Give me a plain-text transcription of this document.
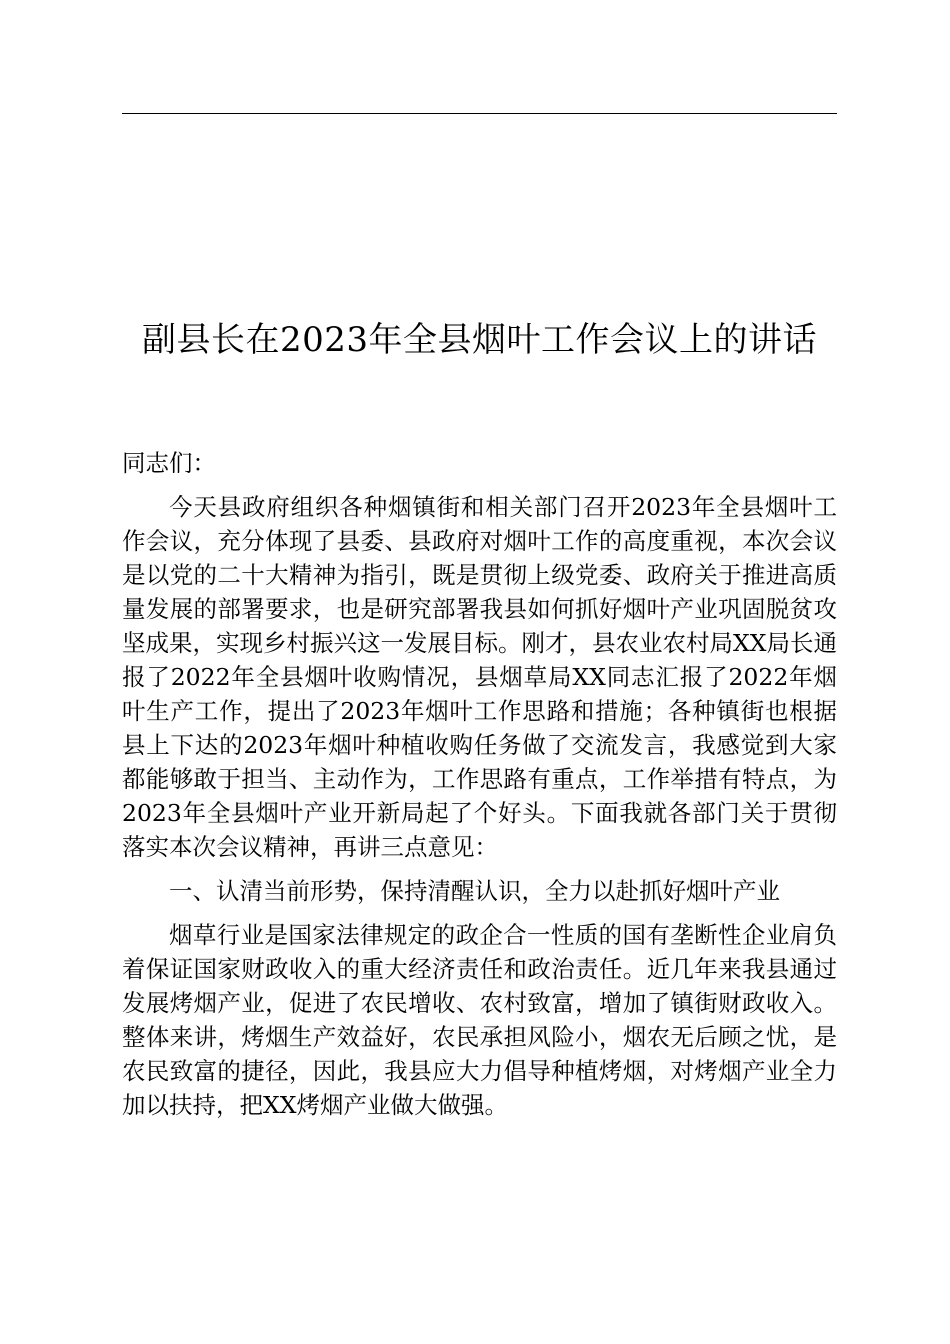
副县长在2023年全县烟叶工作会议上的讲话

同志们：

今天县政府组织各种烟镇街和相关部门召开2023年全县烟叶工作会议，充分体现了县委、县政府对烟叶工作的高度重视，本次会议是以党的二十大精神为指引，既是贯彻上级党委、政府关于推进高质量发展的部署要求，也是研究部署我县如何抓好烟叶产业巩固脱贫攻坚成果，实现乡村振兴这一发展目标。刚才，县农业农村局XX局长通报了2022年全县烟叶收购情况，县烟草局XX同志汇报了2022年烟叶生产工作，提出了2023年烟叶工作思路和措施；各种镇街也根据县上下达的2023年烟叶种植收购任务做了交流发言，我感觉到大家都能够敢于担当、主动作为，工作思路有重点，工作举措有特点，为2023年全县烟叶产业开新局起了个好头。下面我就各部门关于贯彻落实本次会议精神，再讲三点意见：

一、认清当前形势，保持清醒认识，全力以赴抓好烟叶产业

烟草行业是国家法律规定的政企合一性质的国有垄断性企业肩负着保证国家财政收入的重大经济责任和政治责任。近几年来我县通过发展烤烟产业，促进了农民增收、农村致富，增加了镇街财政收入。整体来讲，烤烟生产效益好，农民承担风险小，烟农无后顾之忧，是农民致富的捷径，因此，我县应大力倡导种植烤烟，对烤烟产业全力加以扶持，把XX烤烟产业做大做强。
